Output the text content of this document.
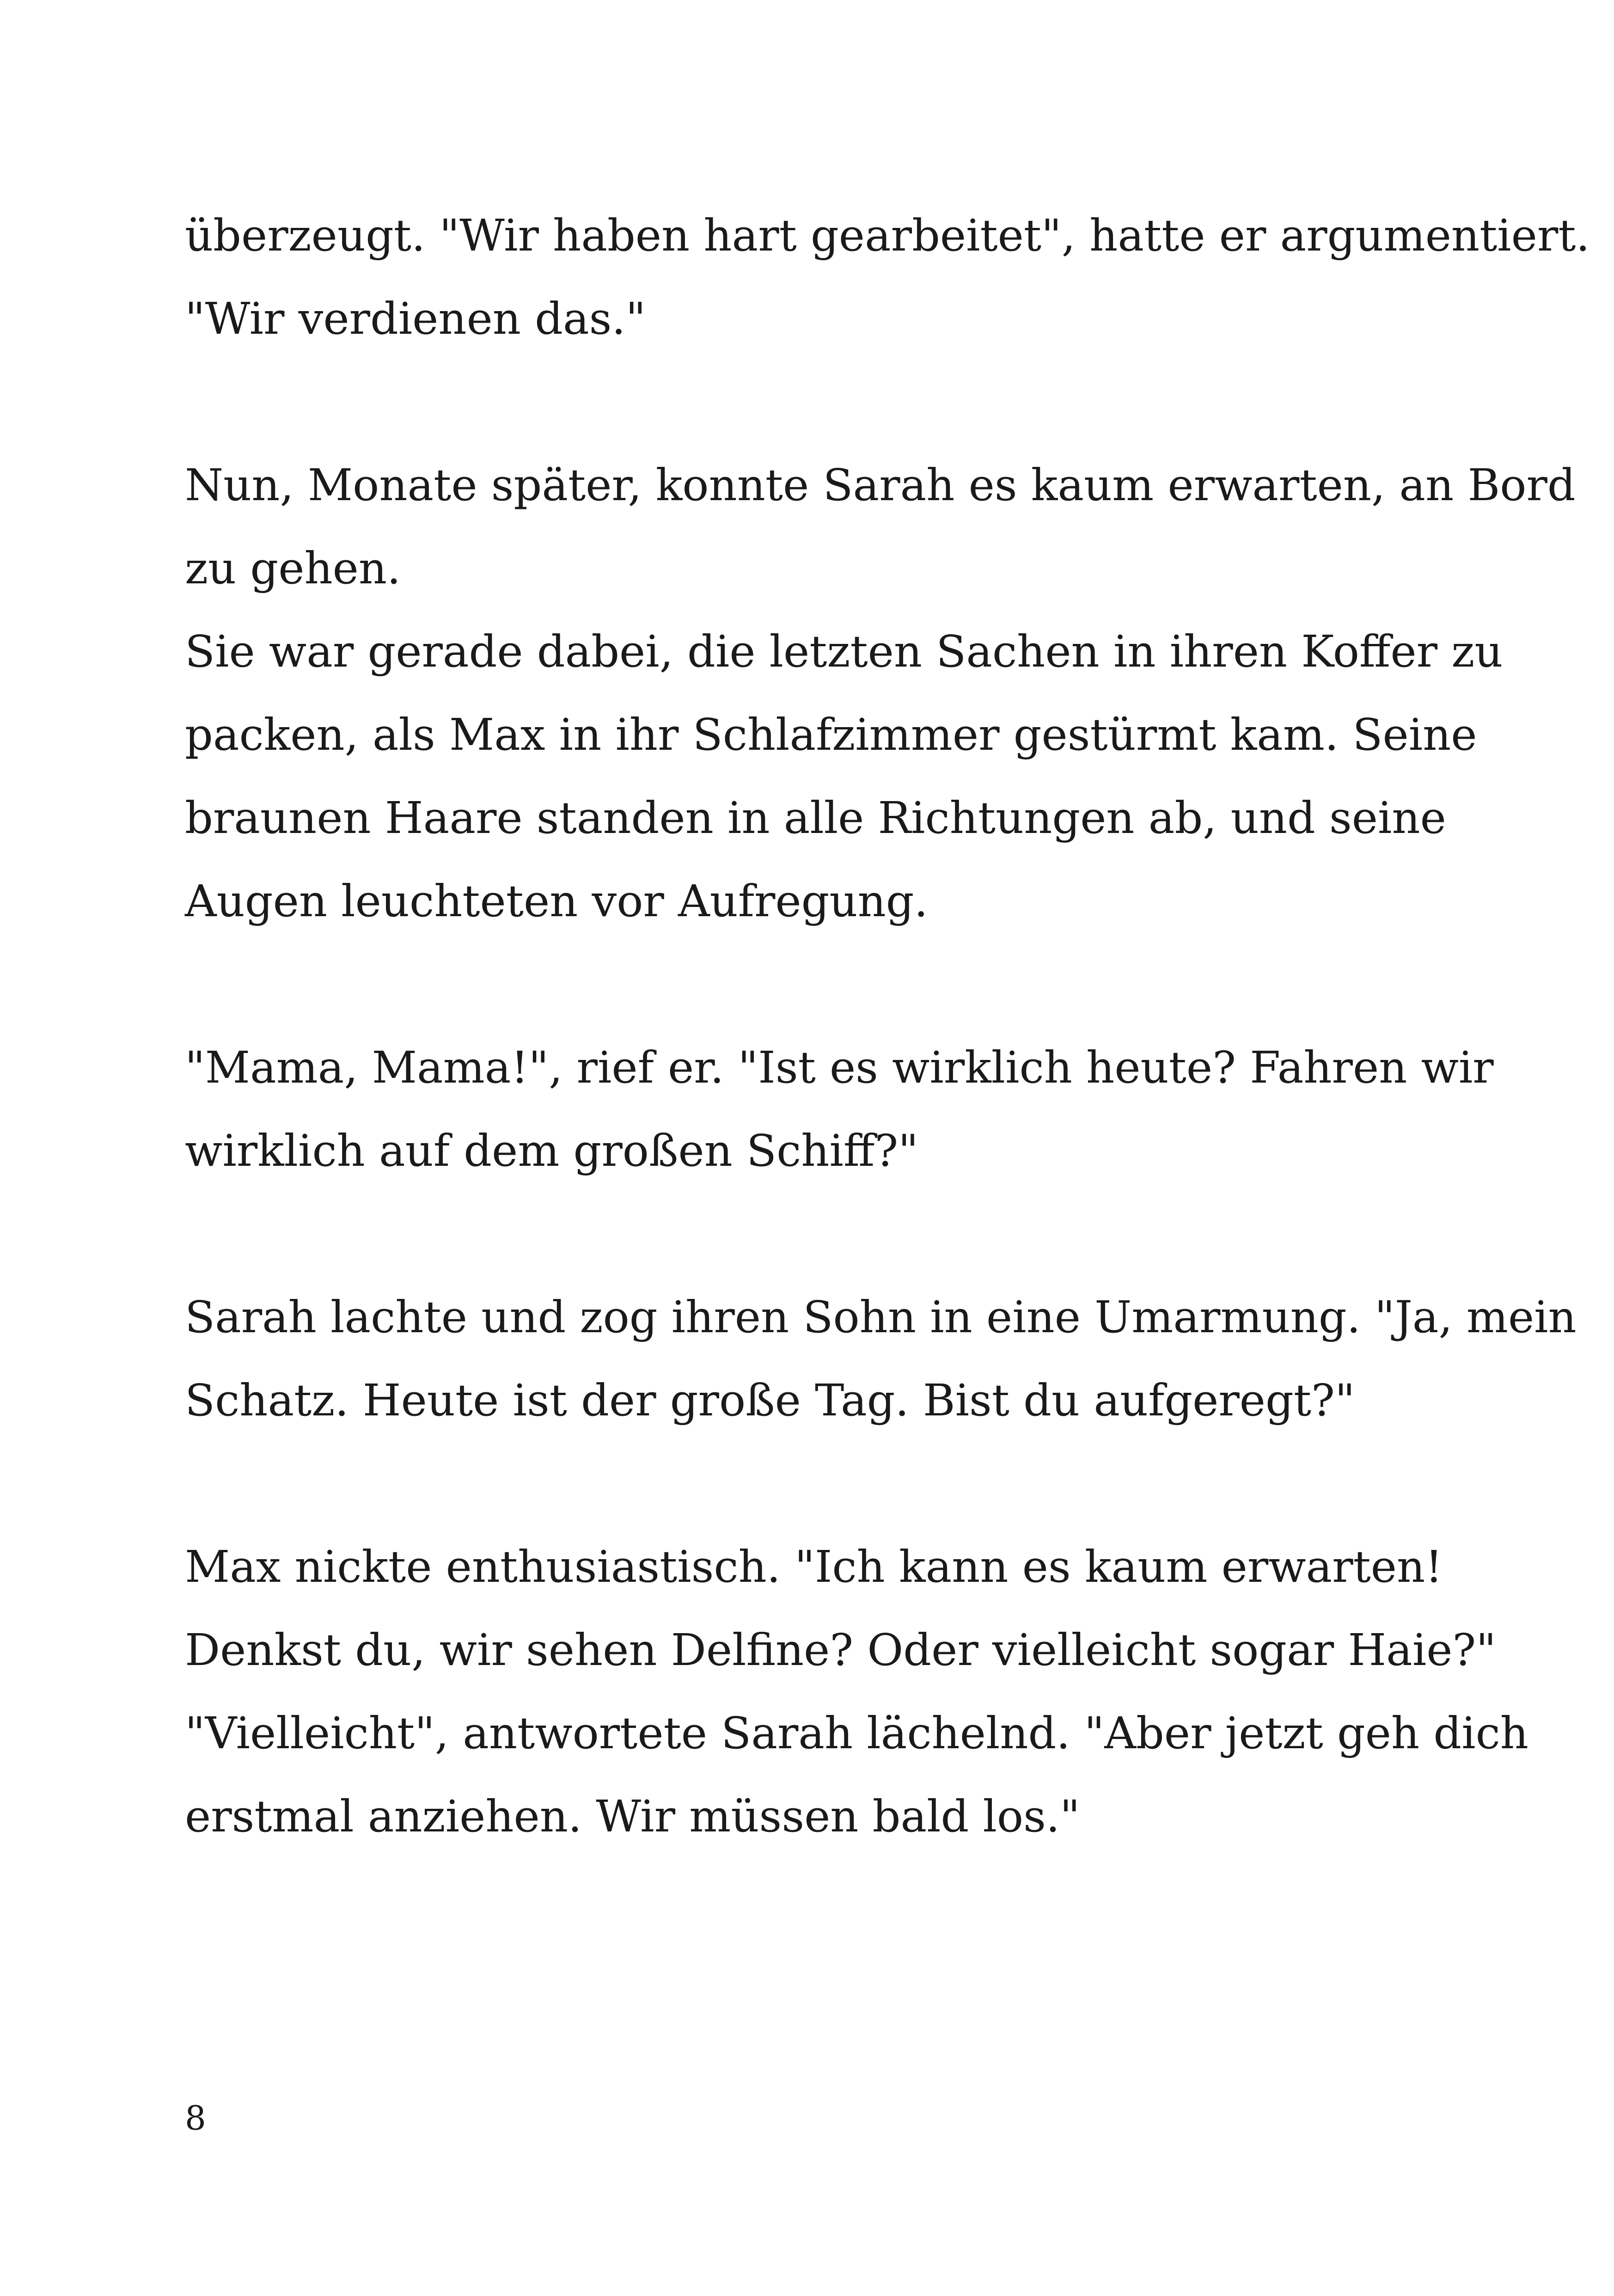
überzeugt. "Wir haben hart gearbeitet", hatte er argumentiert.
"Wir verdienen das."
Nun, Monate später, konnte Sarah es kaum erwarten, an Bord
zu gehen.
Sie war gerade dabei, die letzten Sachen in ihren Koffer zu
packen, als Max in ihr Schlafzimmer gestürmt kam. Seine
braunen Haare standen in alle Richtungen ab, und seine
Augen leuchteten vor Aufregung.
"Mama, Mama!", rief er. "Ist es wirklich heute? Fahren wir
wirklich auf dem großen Schiff?"
Sarah lachte und zog ihren Sohn in eine Umarmung. "Ja, mein
Schatz. Heute ist der große Tag. Bist du aufgeregt?"
Max nickte enthusiastisch. "Ich kann es kaum erwarten!
Denkst du, wir sehen Delfine? Oder vielleicht sogar Haie?"
"Vielleicht", antwortete Sarah lächelnd. "Aber jetzt geh dich
erstmal anziehen. Wir müssen bald los."
8
